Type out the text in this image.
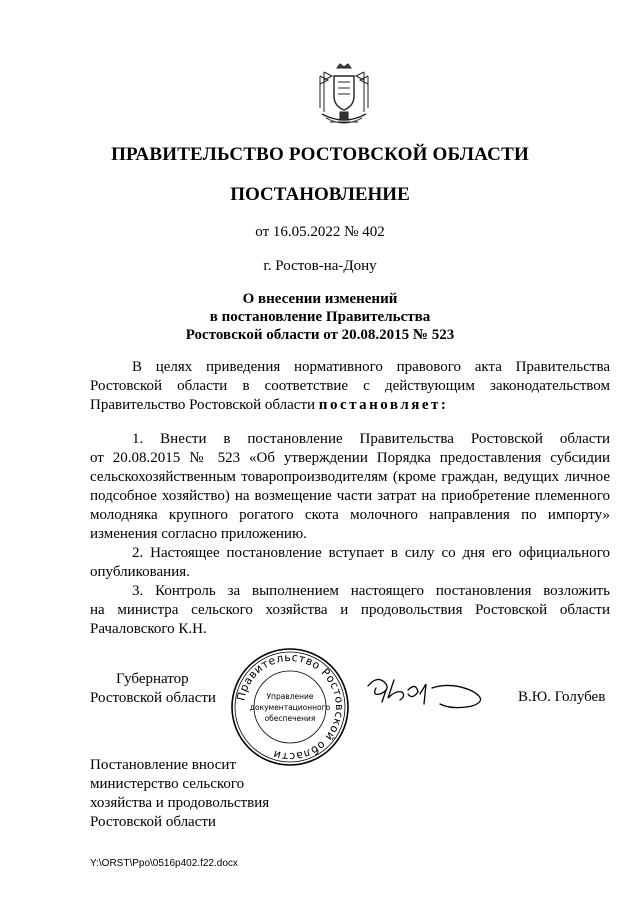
ПРАВИТЕЛЬСТВО РОСТОВСКОЙ ОБЛАСТИ
ПОСТАНОВЛЕНИЕ
от 16.05.2022 № 402
г. Ростов-на-Дону
О внесении изменений
в постановление Правительства
Ростовской области от 20.08.2015 № 523
В целях приведения нормативного правового акта Правительства
Ростовской области в соответствие с действующим законодательством
Правительство Ростовской области постановляет:
1. Внести в постановление Правительства Ростовской области
от 20.08.2015 № 523 «Об утверждении Порядка предоставления субсидии
сельскохозяйственным товаропроизводителям (кроме граждан, ведущих личное
подсобное хозяйство) на возмещение части затрат на приобретение племенного
молодняка крупного рогатого скота молочного направления по импорту»
изменения согласно приложению.
2. Настоящее постановление вступает в силу со дня его официального
опубликования.
3. Контроль за выполнением настоящего постановления возложить
на министра сельского хозяйства и продовольствия Ростовской области
Рачаловского К.Н.
Губернатор
Ростовской области Правительство Ростовской области
Управление
документационного
обеспечения
В.Ю. Голубев
Постановление вносит
министерство сельского
хозяйства и продовольствия
Ростовской области
Y:\ORST\Ppo\0516p402.f22.docx
